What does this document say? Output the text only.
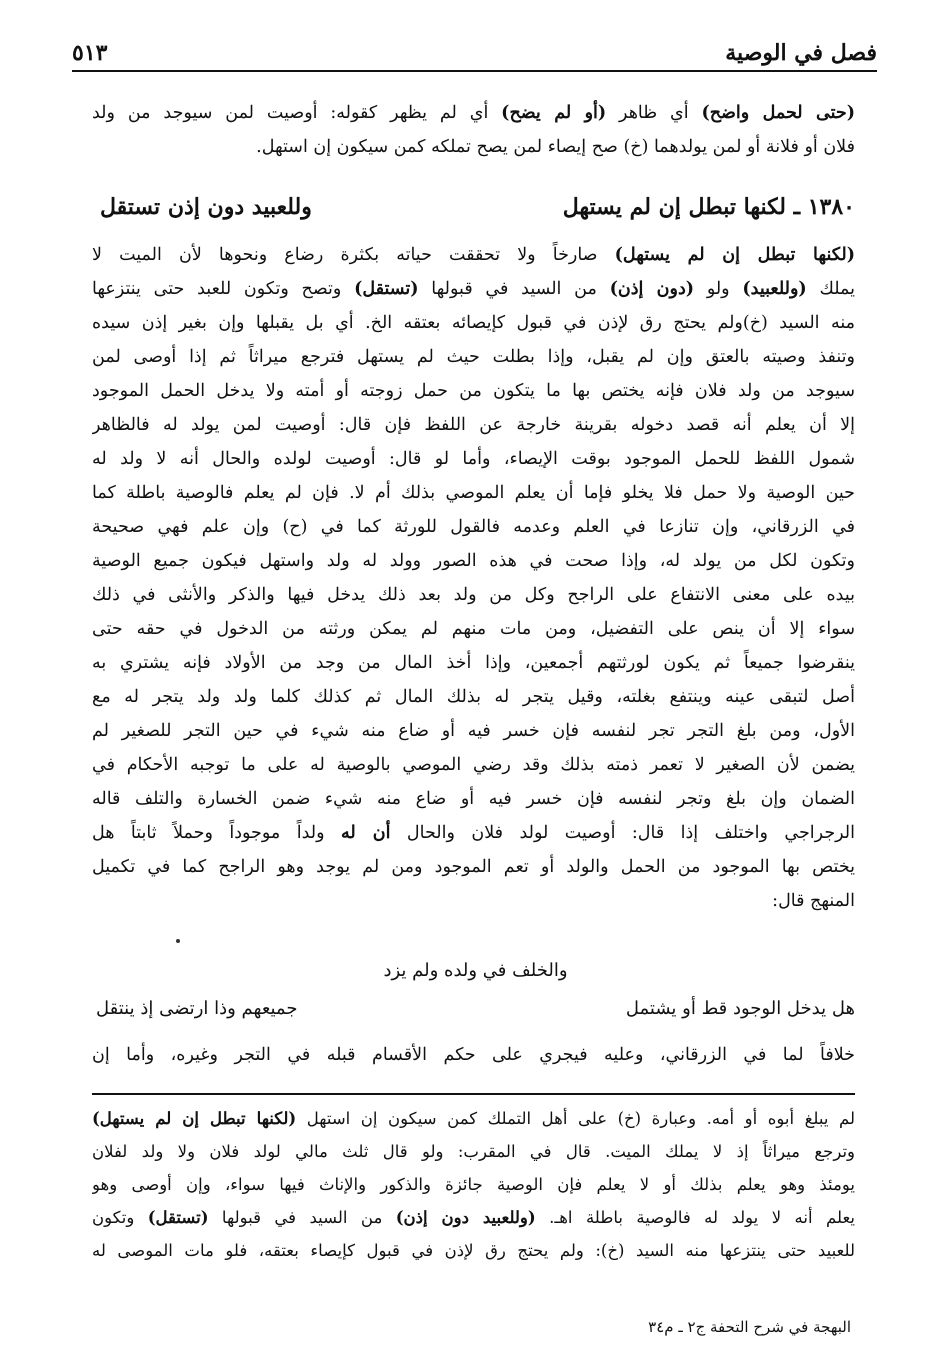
فصل في الوصية
٥١٣

(حتى لحمل واضح) أي ظاهر (أو لم يضح) أي لم يظهر كقوله: أوصيت لمن سيوجد من ولد

فلان أو فلانة أو لمن يولدهما (خ) صح إيصاء لمن يصح تملكه كمن سيكون إن استهل.

١٣٨٠ ـ لكنها تبطل إن لم يستهل
وللعبيد دون إذن تستقل

(لكنها تبطل إن لم يستهل) صارخاً ولا تحققت حياته بكثرة رضاع ونحوها لأن الميت لا

يملك (وللعبيد) ولو (دون إذن) من السيد في قبولها (تستقل) وتصح وتكون للعبد حتى ينتزعها

منه السيد (خ)ولم يحتج رق لإذن في قبول كإيصائه بعتقه الخ. أي بل يقبلها وإن بغير إذن سيده

وتنفذ وصيته بالعتق وإن لم يقبل، وإذا بطلت حيث لم يستهل فترجع ميراثاً ثم إذا أوصى لمن

سيوجد من ولد فلان فإنه يختص بها ما يتكون من حمل زوجته أو أمته ولا يدخل الحمل الموجود

إلا أن يعلم أنه قصد دخوله بقرينة خارجة عن اللفظ فإن قال: أوصيت لمن يولد له فالظاهر

شمول اللفظ للحمل الموجود بوقت الإيصاء، وأما لو قال: أوصيت لولده والحال أنه لا ولد له

حين الوصية ولا حمل فلا يخلو فإما أن يعلم الموصي بذلك أم لا. فإن لم يعلم فالوصية باطلة كما

في الزرقاني، وإن تنازعا في العلم وعدمه فالقول للورثة كما في (ح) وإن علم فهي صحيحة

وتكون لكل من يولد له، وإذا صحت في هذه الصور وولد له ولد واستهل فيكون جميع الوصية

بيده على معنى الانتفاع على الراجح وكل من ولد بعد ذلك يدخل فيها والذكر والأنثى في ذلك

سواء إلا أن ينص على التفضيل، ومن مات منهم لم يمكن ورثته من الدخول في حقه حتى

ينقرضوا جميعاً ثم يكون لورثتهم أجمعين، وإذا أخذ المال من وجد من الأولاد فإنه يشتري به

أصل لتبقى عينه وينتفع بغلته، وقيل يتجر له بذلك المال ثم كذلك كلما ولد ولد يتجر له مع

الأول، ومن بلغ التجر تجر لنفسه فإن خسر فيه أو ضاع منه شيء في حين التجر للصغير لم

يضمن لأن الصغير لا تعمر ذمته بذلك وقد رضي الموصي بالوصية له على ما توجبه الأحكام في

الضمان وإن بلغ وتجر لنفسه فإن خسر فيه أو ضاع منه شيء ضمن الخسارة والتلف قاله

الرجراجي واختلف إذا قال: أوصيت لولد فلان والحال أن له ولداً موجوداً وحملاً ثابتاً هل

يختص بها الموجود من الحمل والولد أو تعم الموجود ومن لم يوجد وهو الراجح كما في تكميل

المنهج قال:

والخلف في ولده ولم يزد
هل يدخل الوجود قط أو يشتمل
جميعهم وذا ارتضى إذ ينتقل

خلافاً لما في الزرقاني، وعليه فيجري على حكم الأقسام قبله في التجر وغيره، وأما إن

لم يبلغ أبوه أو أمه. وعبارة (خ) على أهل التملك كمن سيكون إن استهل (لكنها تبطل إن لم يستهل)

وترجع ميراثاً إذ لا يملك الميت. قال في المقرب: ولو قال ثلث مالي لولد فلان ولا ولد لفلان

يومئذ وهو يعلم بذلك أو لا يعلم فإن الوصية جائزة والذكور والإناث فيها سواء، وإن أوصى وهو

يعلم أنه لا يولد له فالوصية باطلة اهـ. (وللعبيد دون إذن) من السيد في قبولها (تستقل) وتكون

للعبيد حتى ينتزعها منه السيد (خ): ولم يحتج رق لإذن في قبول كإيصاء بعتقه، فلو مات الموصى له

البهجة في شرح التحفة ج٢ ـ م٣٤
